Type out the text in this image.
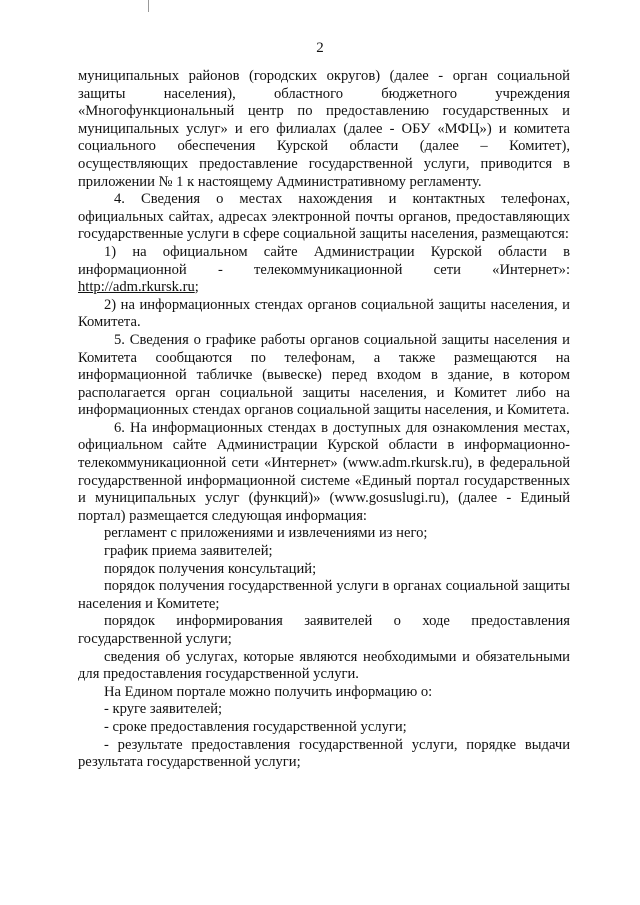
2

муниципальных районов (городских округов) (далее - орган социальной защиты населения), областного бюджетного учреждения «Многофункциональный центр по предоставлению государственных и муниципальных услуг» и его филиалах (далее - ОБУ «МФЦ») и комитета социального обеспечения Курской области (далее – Комитет), осуществляющих предоставление государственной услуги, приводится в приложении № 1 к настоящему Административному регламенту.

4. Сведения о местах нахождения и контактных телефонах, официальных сайтах, адресах электронной почты органов, предоставляющих государственные услуги в сфере социальной защиты населения, размещаются:

1) на официальном сайте Администрации Курской области в информационной - телекоммуникационной сети «Интернет»: http://adm.rkursk.ru;

2) на информационных стендах органов социальной защиты населения, и Комитета.

5. Сведения о графике работы органов социальной защиты населения и Комитета сообщаются по телефонам, а также размещаются на информационной табличке (вывеске) перед входом в здание, в котором располагается орган социальной защиты населения, и Комитет либо на информационных стендах органов социальной защиты населения, и Комитета.

6. На информационных стендах в доступных для ознакомления местах, официальном сайте Администрации Курской области в информационно-телекоммуникационной сети «Интернет» (www.adm.rkursk.ru), в федеральной государственной информационной системе «Единый портал государственных и муниципальных услуг (функций)» (www.gosuslugi.ru), (далее - Единый портал) размещается следующая информация:

регламент с приложениями и извлечениями из него;

график приема заявителей;

порядок получения консультаций;

порядок получения государственной услуги в органах социальной защиты населения и Комитете;

порядок информирования заявителей о ходе предоставления государственной услуги;

сведения об услугах, которые являются необходимыми и обязательными для предоставления государственной услуги.

На Едином портале можно получить информацию о:

- круге заявителей;

- сроке предоставления государственной услуги;

- результате предоставления государственной услуги, порядке выдачи результата государственной услуги;
